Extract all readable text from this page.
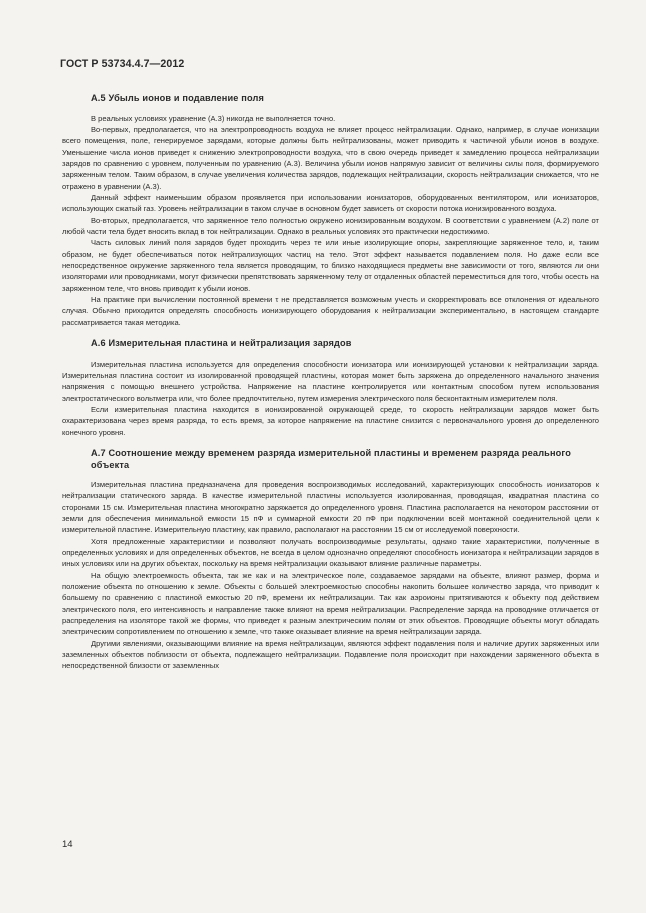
ГОСТ Р 53734.4.7—2012
А.5 Убыль ионов и подавление поля

В реальных условиях уравнение (А.3) никогда не выполняется точно.

Во-первых, предполагается, что на электропроводность воздуха не влияет процесс нейтрализации. Однако, например, в случае ионизации всего помещения, поле, генерируемое зарядами, которые должны быть нейтрализованы, может приводить к частичной убыли ионов в воздухе. Уменьшение числа ионов приведет к снижению электропроводности воздуха, что в свою очередь приведет к замедлению процесса нейтрализации зарядов по сравнению с уровнем, полученным по уравнению (А.3). Величина убыли ионов напрямую зависит от величины силы поля, формируемого заряженным телом. Таким образом, в случае увеличения количества зарядов, подлежащих нейтрализации, скорость нейтрализации снижается, что не отражено в уравнении (А.3).

Данный эффект наименьшим образом проявляется при использовании ионизаторов, оборудованных вентилятором, или ионизаторов, использующих сжатый газ. Уровень нейтрализации в таком случае в основном будет зависеть от скорости потока ионизированного воздуха.

Во-вторых, предполагается, что заряженное тело полностью окружено ионизированным воздухом. В соответствии с уравнением (А.2) поле от любой части тела будет вносить вклад в ток нейтрализации. Однако в реальных условиях это практически недостижимо.

Часть силовых линий поля зарядов будет проходить через те или иные изолирующие опоры, закрепляющие заряженное тело, и, таким образом, не будет обеспечиваться поток нейтрализующих частиц на тело. Этот эффект называется подавлением поля. Но даже если все непосредственное окружение заряженного тела является проводящим, то близко находящиеся предметы вне зависимости от того, являются ли они изоляторами или проводниками, могут физически препятствовать заряженному телу от отдаленных областей переместиться для того, чтобы осесть на заряженном теле, что вновь приводит к убыли ионов.

На практике при вычислении постоянной времени τ не представляется возможным учесть и скорректировать все отклонения от идеального случая. Обычно приходится определять способность ионизирующего оборудования к нейтрализации экспериментально, в настоящем стандарте рассматривается такая методика.

А.6 Измерительная пластина и нейтрализация зарядов

Измерительная пластина используется для определения способности ионизатора или ионизирующей установки к нейтрализации заряда. Измерительная пластина состоит из изолированной проводящей пластины, которая может быть заряжена до определенного начального значения напряжения с помощью внешнего устройства. Напряжение на пластине контролируется или контактным способом путем использования электростатического вольтметра или, что более предпочтительно, путем измерения электрического поля бесконтактным измерителем поля.

Если измерительная пластина находится в ионизированной окружающей среде, то скорость нейтрализации зарядов может быть охарактеризована через время разряда, то есть время, за которое напряжение на пластине снизится с первоначального уровня до определенного конечного уровня.

А.7 Соотношение между временем разряда измерительной пластины и временем разряда реального объекта

Измерительная пластина предназначена для проведения воспроизводимых исследований, характеризующих способность ионизаторов к нейтрализации статического заряда. В качестве измерительной пластины используется изолированная, проводящая, квадратная пластина со сторонами 15 см. Измерительная пластина многократно заряжается до определенного уровня. Пластина располагается на некотором расстоянии от земли для обеспечения минимальной емкости 15 пФ и суммарной емкости 20 пФ при подключении всей монтажной соединительной цели к измерительной пластине. Измерительную пластину, как правило, располагают на расстоянии 15 см от исследуемой поверхности.

Хотя предложенные характеристики и позволяют получать воспроизводимые результаты, однако такие характеристики, полученные в определенных условиях и для определенных объектов, не всегда в целом однозначно определяют способность ионизатора к нейтрализации зарядов в иных условиях или на других объектах, поскольку на время нейтрализации оказывают влияние различные параметры.

На общую электроемкость объекта, так же как и на электрическое поле, создаваемое зарядами на объекте, влияют размер, форма и положение объекта по отношению к земле. Объекты с большей электроемкостью способны накопить большее количество заряда, что приводит к большему по сравнению с пластиной емкостью 20 пФ, времени их нейтрализации. Так как аэроионы притягиваются к объекту под действием электрического поля, его интенсивность и направление также влияют на время нейтрализации. Распределение заряда на проводнике отличается от распределения на изоляторе такой же формы, что приведет к разным электрическим полям от этих объектов. Проводящие объекты могут обладать электрическим сопротивлением по отношению к земле, что также оказывает влияние на время нейтрализации заряда.

Другими явлениями, оказывающими влияние на время нейтрализации, являются эффект подавления поля и наличие других заряженных или заземленных объектов поблизости от объекта, подлежащего нейтрализации. Подавление поля происходит при нахождении заряженного объекта в непосредственной близости от заземленных

14
